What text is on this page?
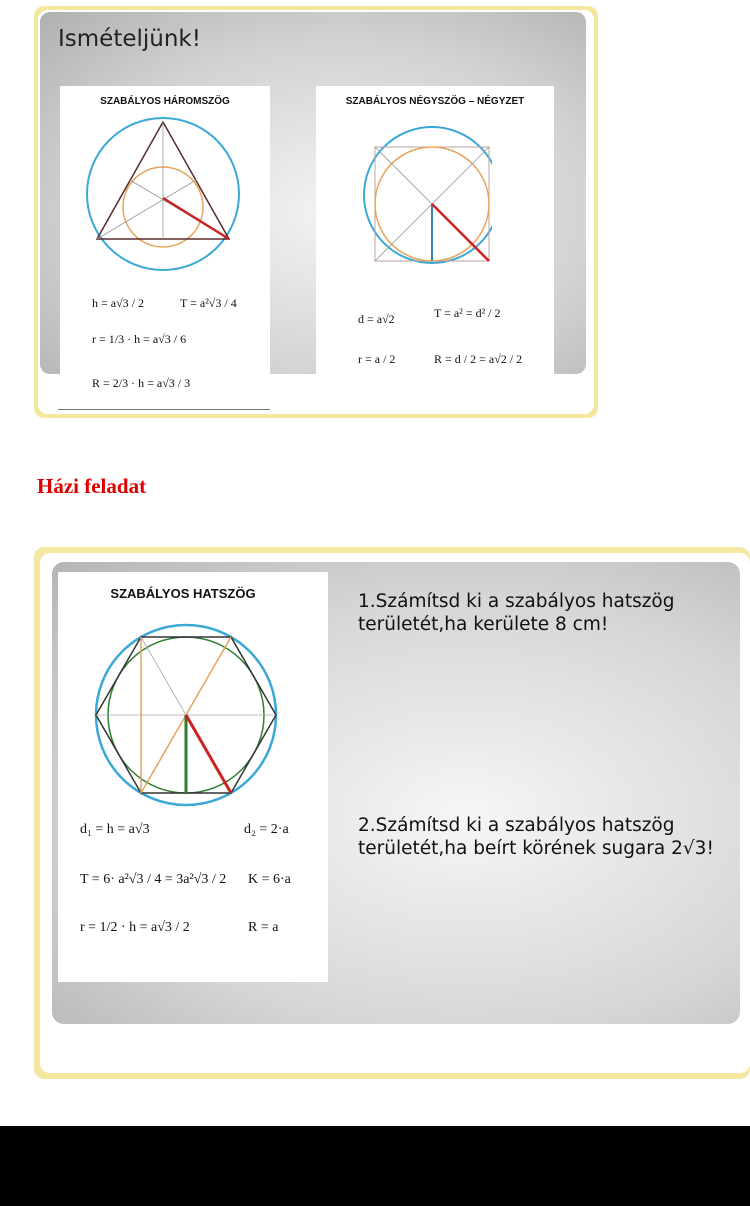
Ismételjünk!
SZABÁLYOS HÁROMSZÖG
h = a√3 / 2	T = a²√3 / 4
r = 1/3 · h = a√3 / 6
R = 2/3 · h = a√3 / 3
SZABÁLYOS NÉGYSZÖG – NÉGYZET
d = a√2	T = a² = d² / 2
r = a / 2	R = d / 2 = a√2 / 2
Házi feladat
SZABÁLYOS HATSZÖG
d₁ = h = a√3	d₂ = 2·a
T = 6· a²√3 / 4 = 3a²√3 / 2 K = 6·a
r = 1/2 · h = a√3 / 2	R = a
1.Számítsd ki a szabályos hatszög területét,ha kerülete 8 cm!
2.Számítsd ki a szabályos hatszög területét,ha beírt körének sugara 2√3!
